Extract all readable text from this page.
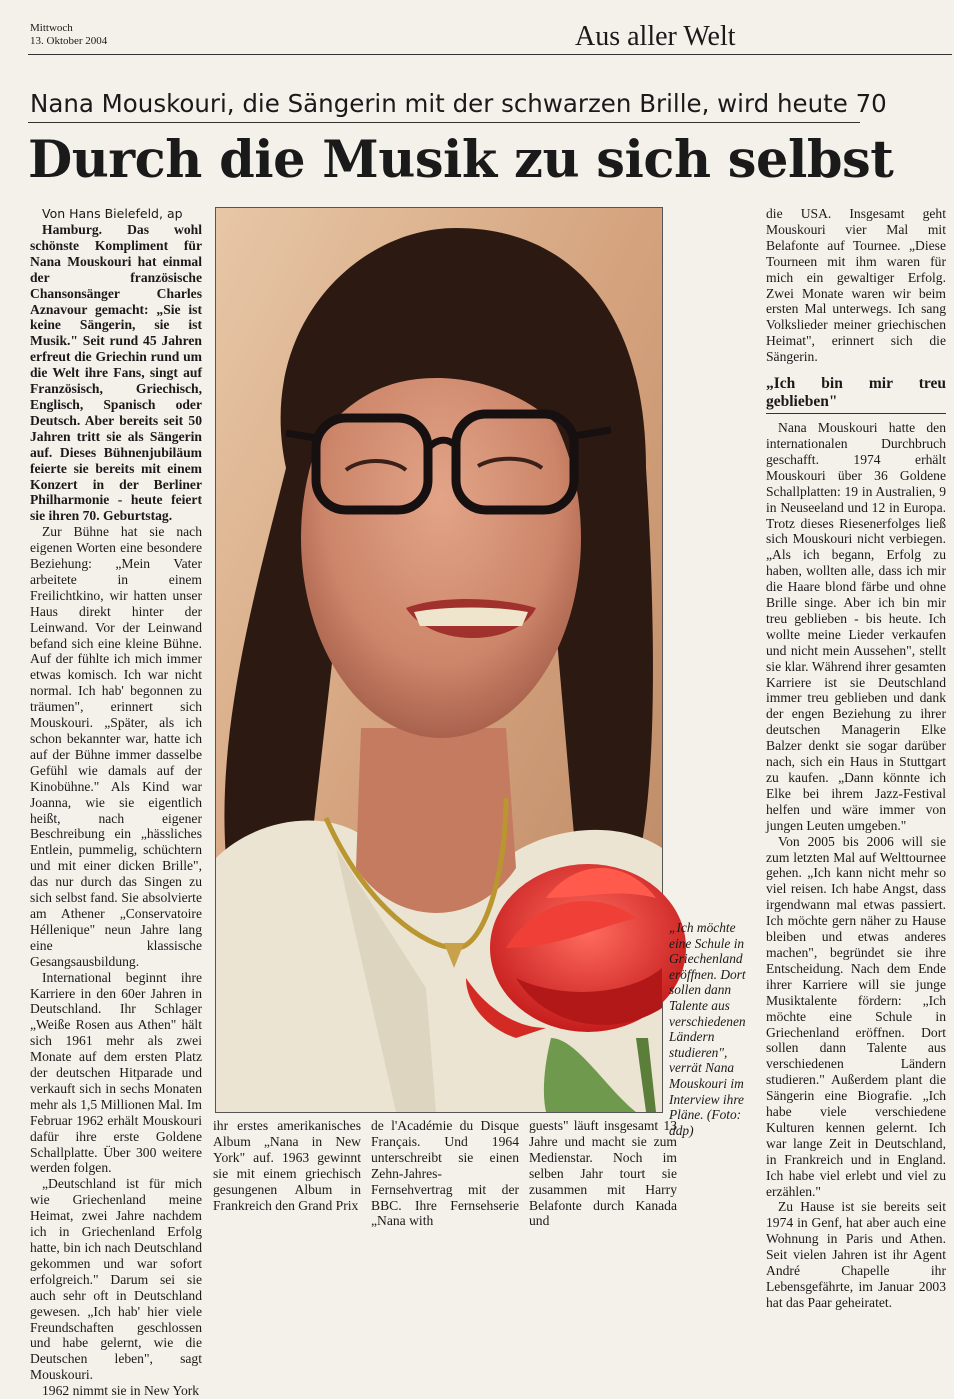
Mittwoch
13. Oktober 2004	Aus aller Welt
Nana Mouskouri, die Sängerin mit der schwarzen Brille, wird heute 70
Durch die Musik zu sich selbst

Von Hans Bielefeld, ap

Hamburg. Das wohl schönste Kompliment für Nana Mouskouri hat einmal der französische Chansonsänger Charles Aznavour gemacht: „Sie ist keine Sängerin, sie ist Musik." Seit rund 45 Jahren erfreut die Griechin rund um die Welt ihre Fans, singt auf Französisch, Griechisch, Englisch, Spanisch oder Deutsch. Aber bereits seit 50 Jahren tritt sie als Sängerin auf. Dieses Bühnenjubiläum feierte sie bereits mit einem Konzert in der Berliner Philharmonie - heute feiert sie ihren 70. Geburtstag.

Zur Bühne hat sie nach eigenen Worten eine besondere Beziehung: „Mein Vater arbeitete in einem Freilichtkino, wir hatten unser Haus direkt hinter der Leinwand. Vor der Leinwand befand sich eine kleine Bühne. Auf der fühlte ich mich immer etwas komisch. Ich war nicht normal. Ich hab' begonnen zu träumen", erinnert sich Mouskouri. „Später, als ich schon bekannter war, hatte ich auf der Bühne immer dasselbe Gefühl wie damals auf der Kinobühne." Als Kind war Joanna, wie sie eigentlich heißt, nach eigener Beschreibung ein „hässliches Entlein, pummelig, schüchtern und mit einer dicken Brille", das nur durch das Singen zu sich selbst fand. Sie absolvierte am Athener „Conservatoire Héllenique" neun Jahre lang eine klassische Gesangsausbildung.

International beginnt ihre Karriere in den 60er Jahren in Deutschland. Ihr Schlager „Weiße Rosen aus Athen" hält sich 1961 mehr als zwei Monate auf dem ersten Platz der deutschen Hitparade und verkauft sich in sechs Monaten mehr als 1,5 Millionen Mal. Im Februar 1962 erhält Mouskouri dafür ihre erste Goldene Schallplatte. Über 300 weitere werden folgen.

„Deutschland ist für mich wie Griechenland meine Heimat, zwei Jahre nachdem ich in Griechenland Erfolg hatte, bin ich nach Deutschland gekommen und war sofort erfolgreich." Darum sei sie auch sehr oft in Deutschland gewesen. „Ich hab' hier viele Freundschaften geschlossen und habe gelernt, wie die Deutschen leben", sagt Mouskouri.

1962 nimmt sie in New York

„Ich möchte eine Schule in Griechenland eröffnen. Dort sollen dann Talente aus verschiedenen Ländern studieren", verrät Nana Mouskouri im Interview ihre Pläne. (Foto: ddp)

ihr erstes amerikanisches Album „Nana in New York" auf. 1963 gewinnt sie mit einem griechisch gesungenen Album in Frankreich den Grand Prix

de l'Académie du Disque Français. Und 1964 unterschreibt sie einen Zehn-Jahres-Fernsehvertrag mit der BBC. Ihre Fernsehserie „Nana with

guests" läuft insgesamt 13 Jahre und macht sie zum Medienstar. Noch im selben Jahr tourt sie zusammen mit Harry Belafonte durch Kanada und

die USA. Insgesamt geht Mouskouri vier Mal mit Belafonte auf Tournee. „Diese Tourneen mit ihm waren für mich ein gewaltiger Erfolg. Zwei Monate waren wir beim ersten Mal unterwegs. Ich sang Volkslieder meiner griechischen Heimat", erinnert sich die Sängerin.

„Ich bin mir treu geblieben"

Nana Mouskouri hatte den internationalen Durchbruch geschafft. 1974 erhält Mouskouri über 36 Goldene Schallplatten: 19 in Australien, 9 in Neuseeland und 12 in Europa. Trotz dieses Riesenerfolges ließ sich Mouskouri nicht verbiegen. „Als ich begann, Erfolg zu haben, wollten alle, dass ich mir die Haare blond färbe und ohne Brille singe. Aber ich bin mir treu geblieben - bis heute. Ich wollte meine Lieder verkaufen und nicht mein Aussehen", stellt sie klar. Während ihrer gesamten Karriere ist sie Deutschland immer treu geblieben und dank der engen Beziehung zu ihrer deutschen Managerin Elke Balzer denkt sie sogar darüber nach, sich ein Haus in Stuttgart zu kaufen. „Dann könnte ich Elke bei ihrem Jazz-Festival helfen und wäre immer von jungen Leuten umgeben."

Von 2005 bis 2006 will sie zum letzten Mal auf Welttournee gehen. „Ich kann nicht mehr so viel reisen. Ich habe Angst, dass irgendwann mal etwas passiert. Ich möchte gern näher zu Hause bleiben und etwas anderes machen", begründet sie ihre Entscheidung. Nach dem Ende ihrer Karriere will sie junge Musiktalente fördern: „Ich möchte eine Schule in Griechenland eröffnen. Dort sollen dann Talente aus verschiedenen Ländern studieren." Außerdem plant die Sängerin eine Biografie. „Ich habe viele verschiedene Kulturen kennen gelernt. Ich war lange Zeit in Deutschland, in Frankreich und in England. Ich habe viel erlebt und viel zu erzählen."

Zu Hause ist sie bereits seit 1974 in Genf, hat aber auch eine Wohnung in Paris und Athen. Seit vielen Jahren ist ihr Agent André Chapelle ihr Lebensgefährte, im Januar 2003 hat das Paar geheiratet.
